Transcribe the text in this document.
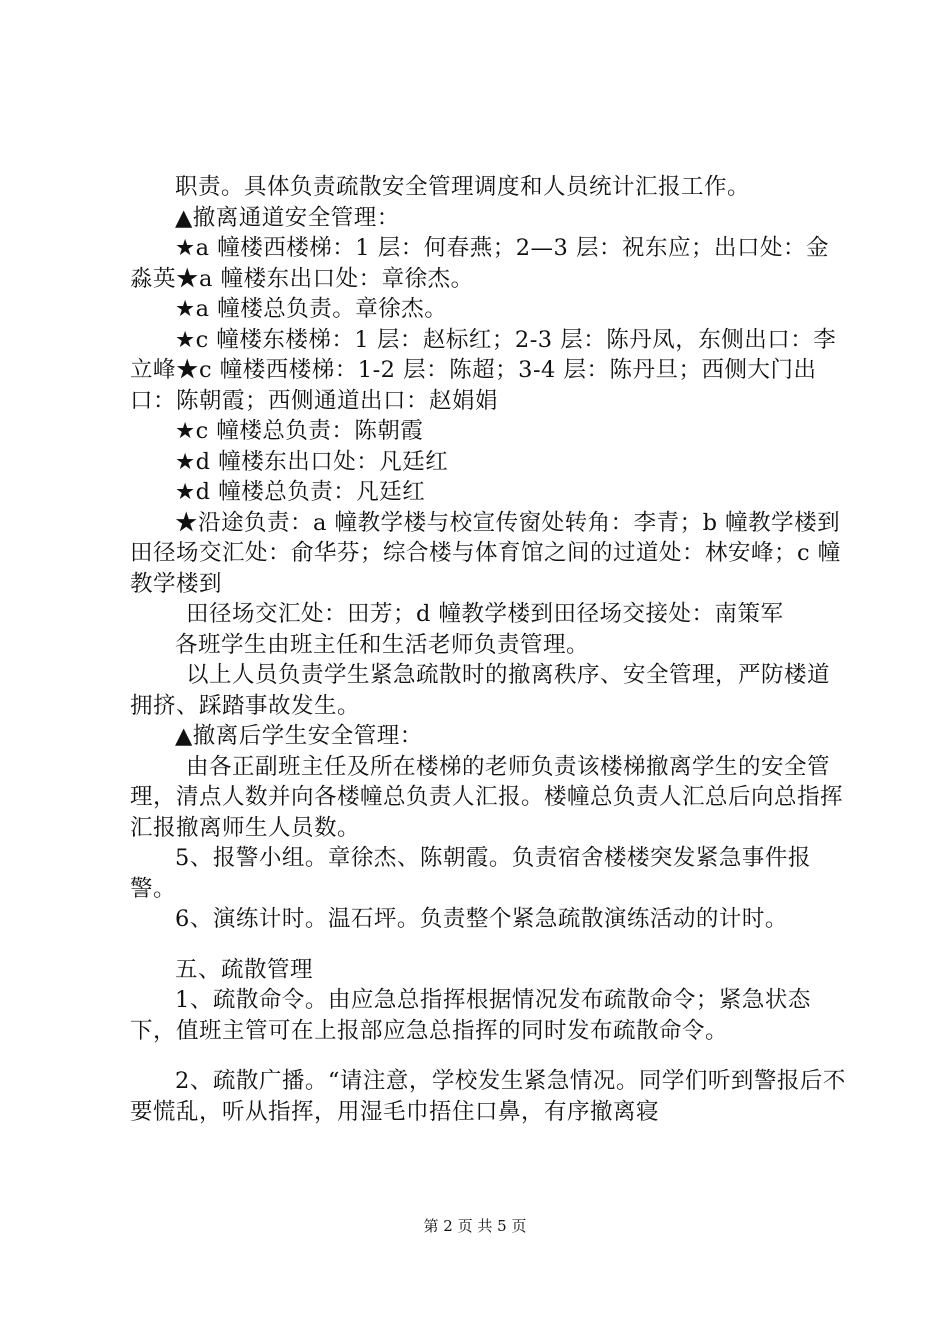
职责。具体负责疏散安全管理调度和人员统计汇报工作。

▲撤离通道安全管理：

★a 幢楼西楼梯：1 层：何春燕；2—3 层：祝东应；出口处：金淼英★a 幢楼东出口处：章徐杰。

★a 幢楼总负责。章徐杰。

★c 幢楼东楼梯：1 层：赵标红；2-3 层：陈丹凤，东侧出口：李立峰★c 幢楼西楼梯：1-2 层：陈超；3-4 层：陈丹旦；西侧大门出口：陈朝霞；西侧通道出口：赵娟娟

★c 幢楼总负责：陈朝霞

★d 幢楼东出口处：凡廷红

★d 幢楼总负责：凡廷红

★沿途负责：a 幢教学楼与校宣传窗处转角：李青；b 幢教学楼到田径场交汇处：俞华芬；综合楼与体育馆之间的过道处：林安峰；c 幢教学楼到

田径场交汇处：田芳；d 幢教学楼到田径场交接处：南策军

各班学生由班主任和生活老师负责管理。

以上人员负责学生紧急疏散时的撤离秩序、安全管理，严防楼道拥挤、踩踏事故发生。

▲撤离后学生安全管理：

由各正副班主任及所在楼梯的老师负责该楼梯撤离学生的安全管理，清点人数并向各楼幢总负责人汇报。楼幢总负责人汇总后向总指挥汇报撤离师生人员数。

5、报警小组。章徐杰、陈朝霞。负责宿舍楼楼突发紧急事件报警。

6、演练计时。温石坪。负责整个紧急疏散演练活动的计时。

五、疏散管理

1、疏散命令。由应急总指挥根据情况发布疏散命令；紧急状态下，值班主管可在上报部应急总指挥的同时发布疏散命令。

2、疏散广播。“请注意，学校发生紧急情况。同学们听到警报后不要慌乱，听从指挥，用湿毛巾捂住口鼻，有序撤离寝

第 2 页 共 5 页
